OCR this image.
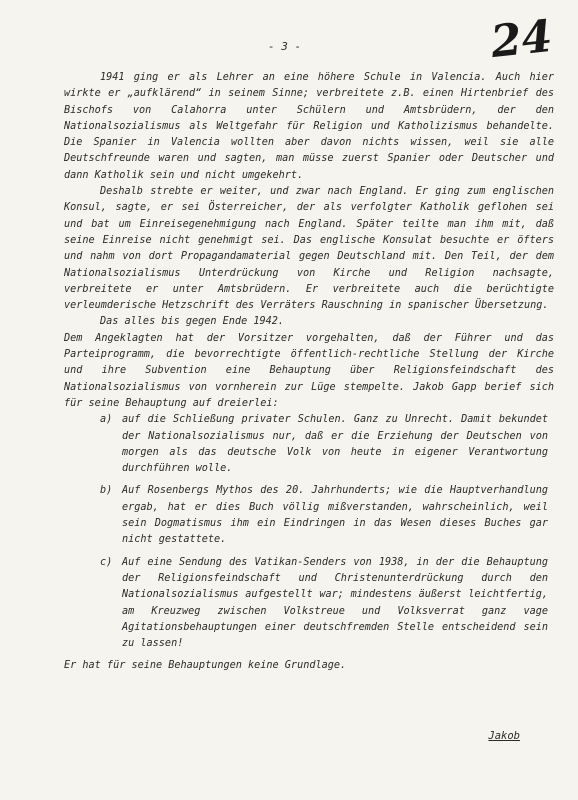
24
- 3 -

1941 ging er als Lehrer an eine höhere Schule in Valencia. Auch hier wirkte er „aufklärend“ in seinem Sinne; verbreitete z.B. einen Hirtenbrief des Bischofs von Calahorra unter Schülern und Amtsbrüdern, der den Nationalsozialismus als Weltgefahr für Religion und Katholizismus behandelte. Die Spanier in Valencia wollten aber davon nichts wissen, weil sie alle Deutschfreunde waren und sagten, man müsse zuerst Spanier oder Deutscher und dann Katholik sein und nicht umgekehrt.

Deshalb strebte er weiter, und zwar nach England. Er ging zum englischen Konsul, sagte, er sei Österreicher, der als verfolgter Katholik geflohen sei und bat um Einreisegenehmigung nach England. Später teilte man ihm mit, daß seine Einreise nicht genehmigt sei. Das englische Konsulat besuchte er öfters und nahm von dort Propagandamaterial gegen Deutschland mit. Den Teil, der dem Nationalsozialismus Unterdrückung von Kirche und Religion nachsagte, verbreitete er unter Amtsbrüdern. Er verbreitete auch die berüchtigte verleumderische Hetzschrift des Verräters Rauschning in spanischer Übersetzung.

Das alles bis gegen Ende 1942.

Dem Angeklagten hat der Vorsitzer vorgehalten, daß der Führer und das Parteiprogramm, die bevorrechtigte öffentlich-rechtliche Stellung der Kirche und ihre Subvention eine Behauptung über Religionsfeindschaft des Nationalsozialismus von vornherein zur Lüge stempelte. Jakob Gapp berief sich für seine Behauptung auf dreierlei:

a) auf die Schließung privater Schulen. Ganz zu Unrecht. Damit bekundet der Nationalsozialismus nur, daß er die Erziehung der Deutschen von morgen als das deutsche Volk von heute in eigener Verantwortung durchführen wolle.
b) Auf Rosenbergs Mythos des 20. Jahrhunderts; wie die Hauptverhandlung ergab, hat er dies Buch völlig mißverstanden, wahrscheinlich, weil sein Dogmatismus ihm ein Eindringen in das Wesen dieses Buches gar nicht gestattete.
c) Auf eine Sendung des Vatikan-Senders von 1938, in der die Behauptung der Religionsfeindschaft und Christenunterdrückung durch den Nationalsozialismus aufgestellt war; mindestens äußerst leichtfertig, am Kreuzweg zwischen Volkstreue und Volksverrat ganz vage Agitationsbehauptungen einer deutschfremden Stelle entscheidend sein zu lassen!

Er hat für seine Behauptungen keine Grundlage.

Jakob
